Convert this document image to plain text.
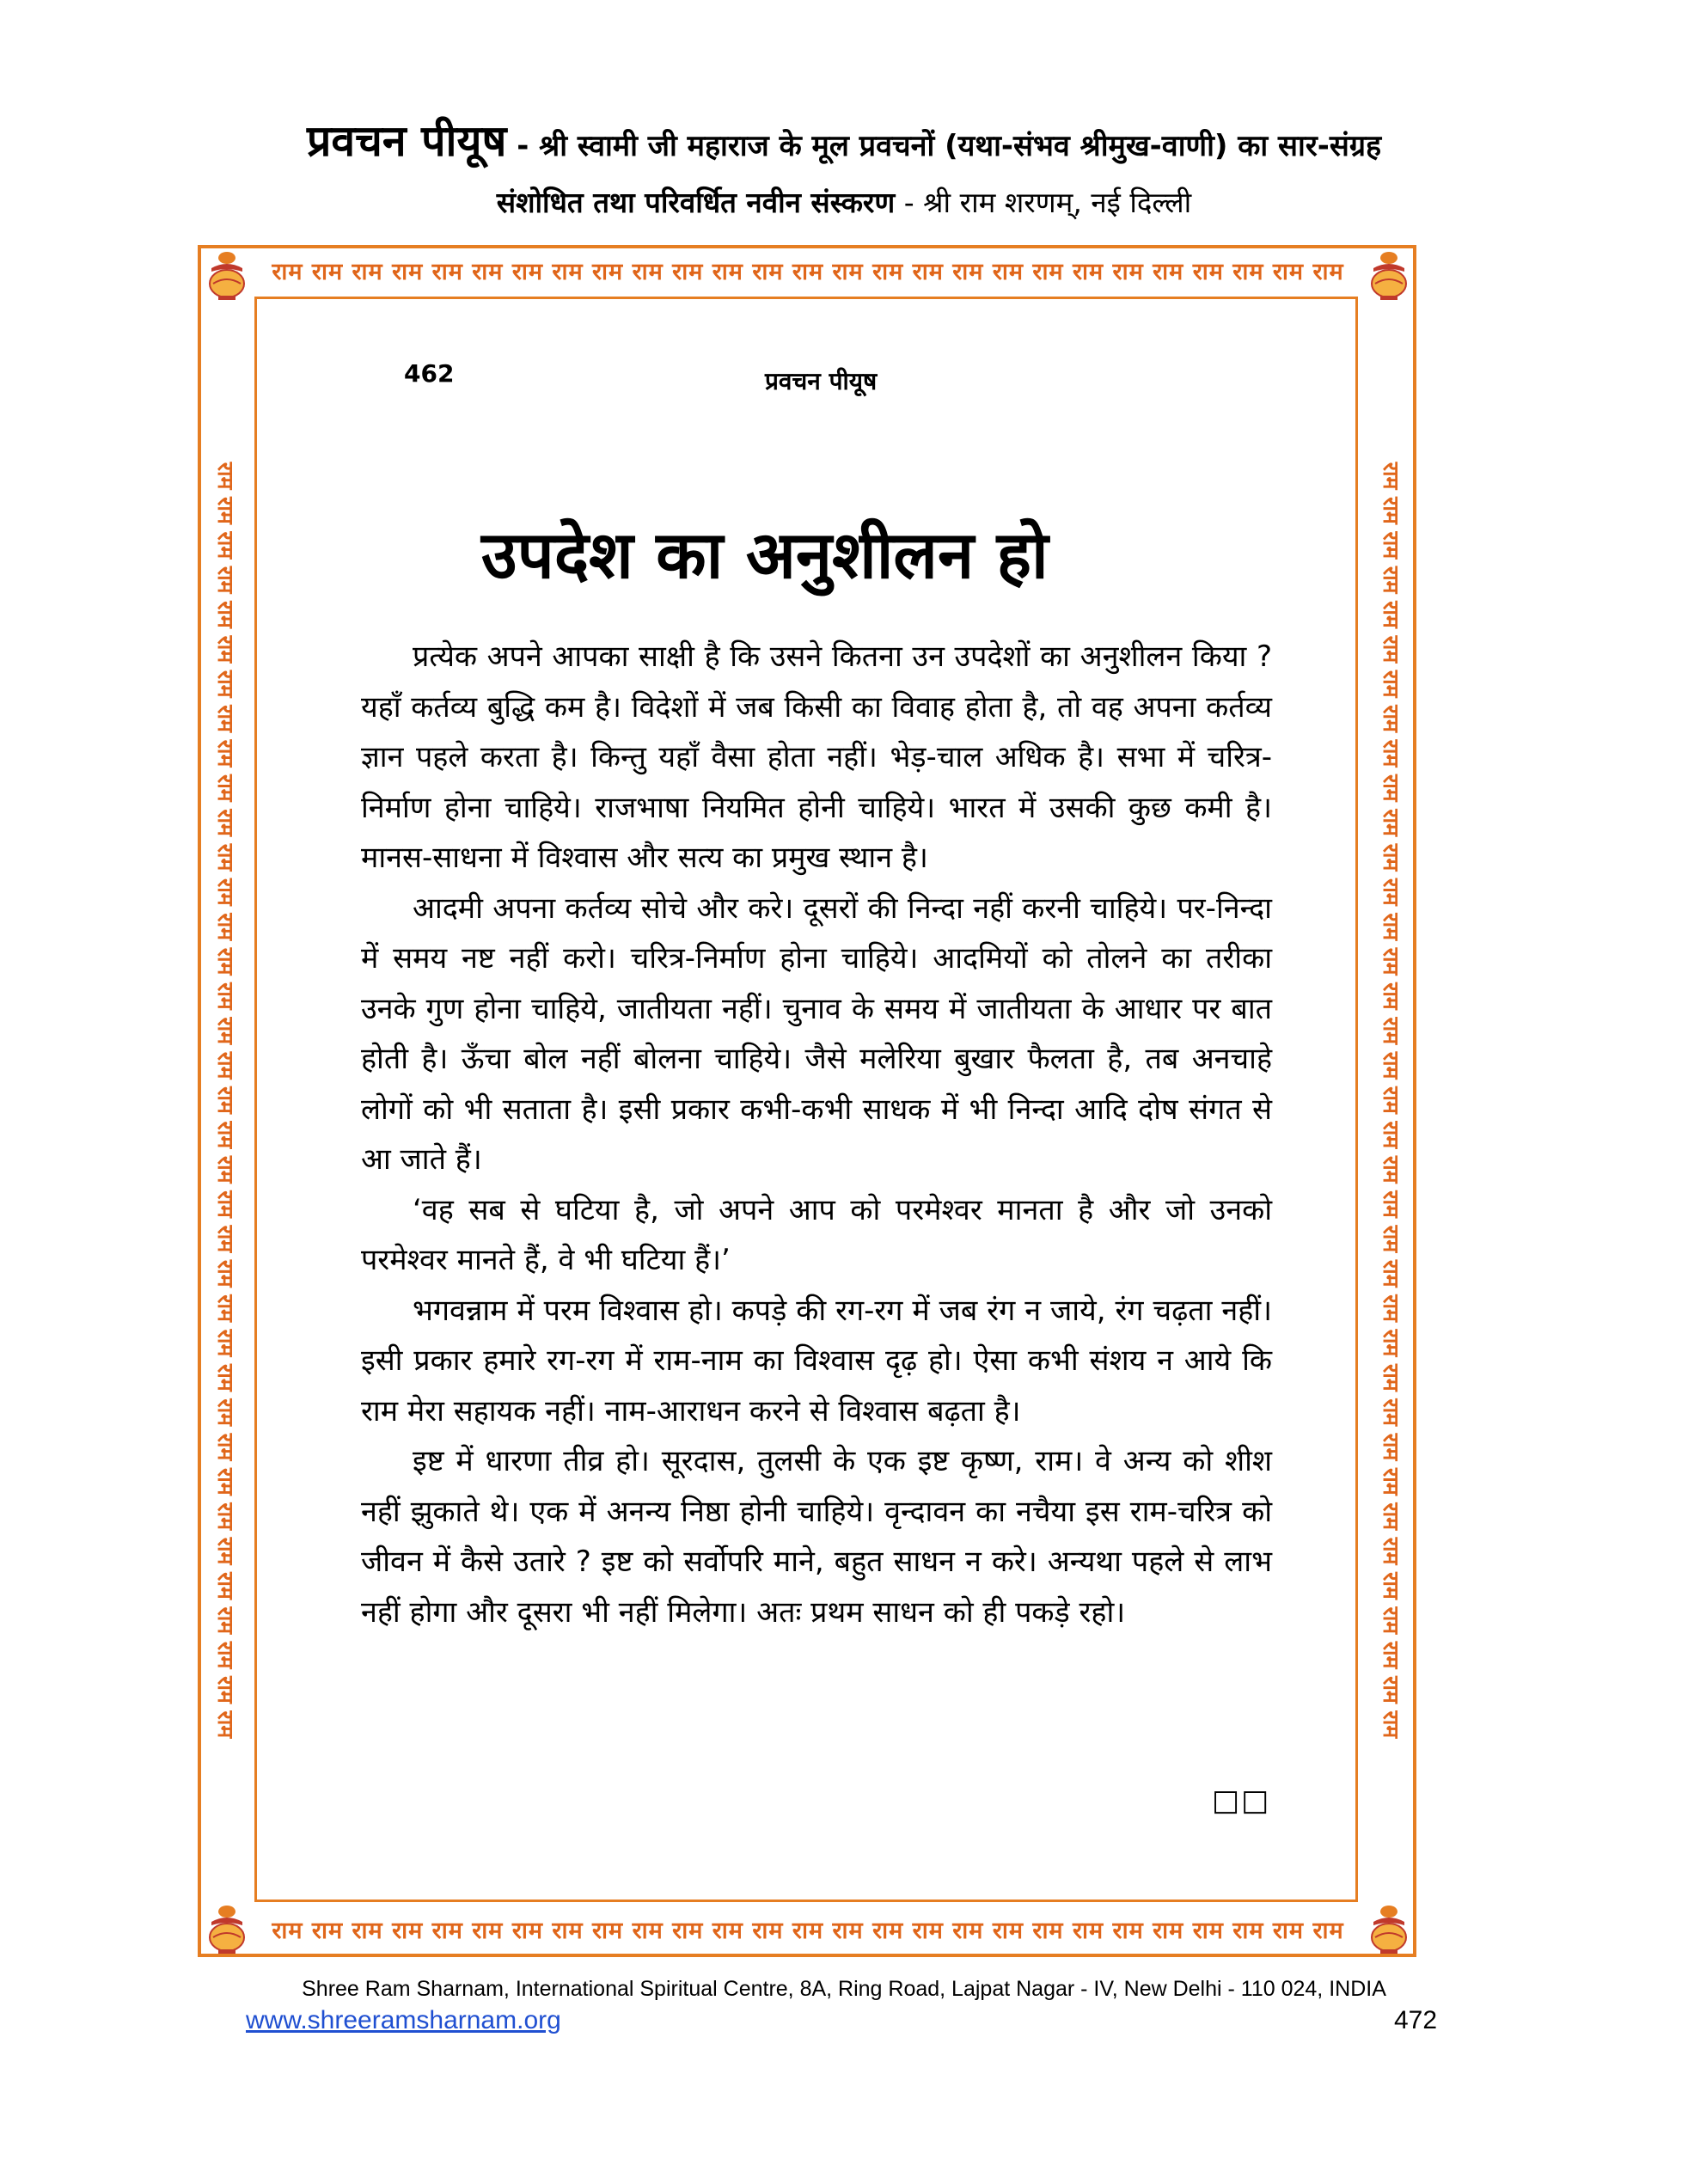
प्रवचन पीयूष - श्री स्वामी जी महाराज के मूल प्रवचनों (यथा-संभव श्रीमुख-वाणी) का सार-संग्रह
संशोधित तथा परिवर्धित नवीन संस्करण - श्री राम शरणम्, नई दिल्ली
राम राम राम राम राम राम राम राम राम राम राम राम राम राम राम राम राम राम राम राम राम राम राम राम राम राम राम
राम राम राम राम राम राम राम राम राम राम राम राम राम राम राम राम राम राम राम राम राम राम राम राम राम राम राम
राम राम राम राम राम राम राम राम राम राम राम राम राम राम राम राम राम राम राम राम राम राम राम राम राम राम राम राम राम राम राम राम राम राम राम राम राम	राम राम राम राम राम राम राम राम राम राम राम राम राम राम राम राम राम राम राम राम राम राम राम राम राम राम राम राम राम राम राम राम राम राम राम राम राम
462	प्रवचन पीयूष
उपदेश का अनुशीलन हो

प्रत्येक अपने आपका साक्षी है कि उसने कितना उन उपदेशों का अनुशीलन किया ? यहाँ कर्तव्य बुद्धि कम है। विदेशों में जब किसी का विवाह होता है, तो वह अपना कर्तव्य ज्ञान पहले करता है। किन्तु यहाँ वैसा होता नहीं। भेड़-चाल अधिक है। सभा में चरित्र-निर्माण होना चाहिये। राजभाषा नियमित होनी चाहिये। भारत में उसकी कुछ कमी है। मानस-साधना में विश्वास और सत्य का प्रमुख स्थान है।

आदमी अपना कर्तव्य सोचे और करे। दूसरों की निन्दा नहीं करनी चाहिये। पर-निन्दा में समय नष्ट नहीं करो। चरित्र-निर्माण होना चाहिये। आदमियों को तोलने का तरीका उनके गुण होना चाहिये, जातीयता नहीं। चुनाव के समय में जातीयता के आधार पर बात होती है। ऊँचा बोल नहीं बोलना चाहिये। जैसे मलेरिया बुखार फैलता है, तब अनचाहे लोगों को भी सताता है। इसी प्रकार कभी-कभी साधक में भी निन्दा आदि दोष संगत से आ जाते हैं।

‘वह सब से घटिया है, जो अपने आप को परमेश्वर मानता है और जो उनको परमेश्वर मानते हैं, वे भी घटिया हैं।’

भगवन्नाम में परम विश्वास हो। कपड़े की रग-रग में जब रंग न जाये, रंग चढ़ता नहीं। इसी प्रकार हमारे रग-रग में राम-नाम का विश्वास दृढ़ हो। ऐसा कभी संशय न आये कि राम मेरा सहायक नहीं। नाम-आराधन करने से विश्वास बढ़ता है।

इष्ट में धारणा तीव्र हो। सूरदास, तुलसी के एक इष्ट कृष्ण, राम। वे अन्य को शीश नहीं झुकाते थे। एक में अनन्य निष्ठा होनी चाहिये। वृन्दावन का नचैया इस राम-चरित्र को जीवन में कैसे उतारे ? इष्ट को सर्वोपरि माने, बहुत साधन न करे। अन्यथा पहले से लाभ नहीं होगा और दूसरा भी नहीं मिलेगा। अतः प्रथम साधन को ही पकड़े रहो।

□□
Shree Ram Sharnam, International Spiritual Centre, 8A, Ring Road, Lajpat Nagar - IV, New Delhi - 110 024, INDIA
www.shreeramsharnam.org	472
